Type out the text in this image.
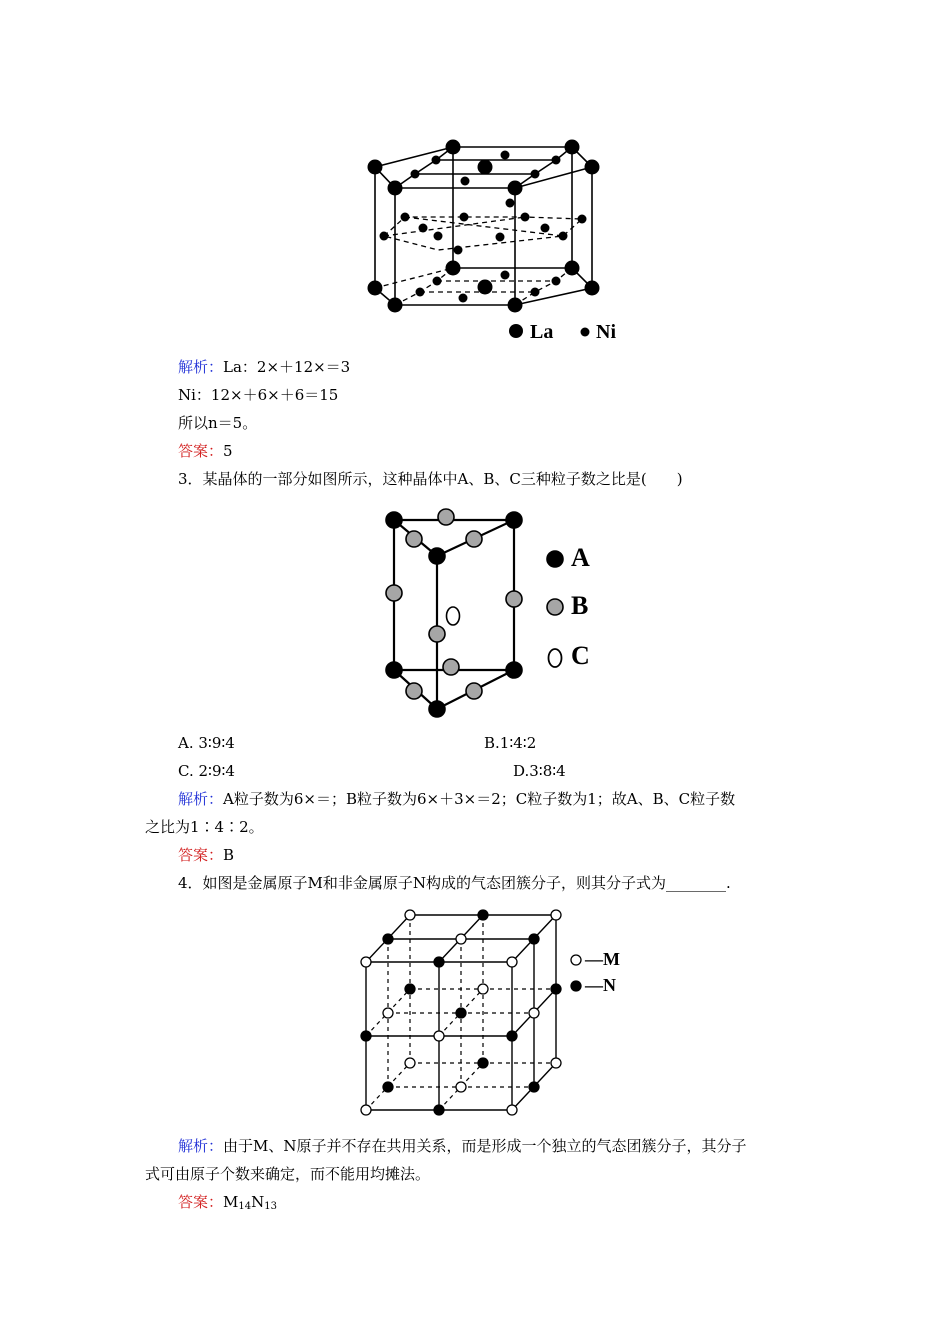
La Ni
解析：La：2×＋12×＝3
Ni：12×＋6×＋6＝15
所以n＝5。
答案：5
3．某晶体的一部分如图所示，这种晶体中A、B、C三种粒子数之比是(　　)
A
B
C
A. 3∶9∶4	B.1∶4∶2
C. 2∶9∶4	D.3∶8∶4
解析：A粒子数为6×＝；B粒子数为6×＋3×＝2；C粒子数为1；故A、B、C粒子数
之比为1∶4∶2。
答案：B
4．如图是金属原子M和非金属原子N构成的气态团簇分子，则其分子式为________.
—M
—N
解析：由于M、N原子并不存在共用关系，而是形成一个独立的气态团簇分子，其分子
式可由原子个数来确定，而不能用均摊法。
答案：$M_{14}N_{13}$
